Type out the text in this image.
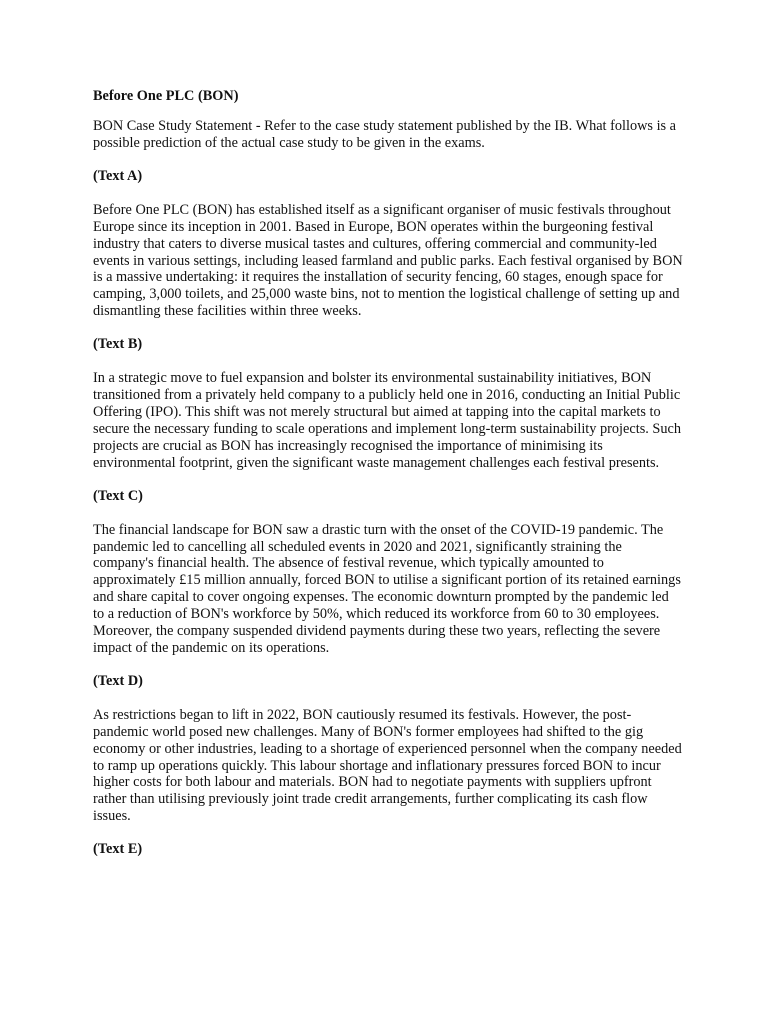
Before One PLC (BON)

BON Case Study Statement - Refer to the case study statement published by the IB. What follows is a possible prediction of the actual case study to be given in the exams.

(Text A)

Before One PLC (BON) has established itself as a significant organiser of music festivals throughout Europe since its inception in 2001. Based in Europe, BON operates within the burgeoning festival industry that caters to diverse musical tastes and cultures, offering commercial and community-led events in various settings, including leased farmland and public parks. Each festival organised by BON is a massive undertaking: it requires the installation of security fencing, 60 stages, enough space for camping, 3,000 toilets, and 25,000 waste bins, not to mention the logistical challenge of setting up and dismantling these facilities within three weeks.

(Text B)

In a strategic move to fuel expansion and bolster its environmental sustainability initiatives, BON transitioned from a privately held company to a publicly held one in 2016, conducting an Initial Public Offering (IPO). This shift was not merely structural but aimed at tapping into the capital markets to secure the necessary funding to scale operations and implement long-term sustainability projects. Such projects are crucial as BON has increasingly recognised the importance of minimising its environmental footprint, given the significant waste management challenges each festival presents.

(Text C)

The financial landscape for BON saw a drastic turn with the onset of the COVID-19 pandemic. The pandemic led to cancelling all scheduled events in 2020 and 2021, significantly straining the company's financial health. The absence of festival revenue, which typically amounted to approximately £15 million annually, forced BON to utilise a significant portion of its retained earnings and share capital to cover ongoing expenses. The economic downturn prompted by the pandemic led to a reduction of BON's workforce by 50%, which reduced its workforce from 60 to 30 employees. Moreover, the company suspended dividend payments during these two years, reflecting the severe impact of the pandemic on its operations.

(Text D)

As restrictions began to lift in 2022, BON cautiously resumed its festivals. However, the post-pandemic world posed new challenges. Many of BON's former employees had shifted to the gig economy or other industries, leading to a shortage of experienced personnel when the company needed to ramp up operations quickly. This labour shortage and inflationary pressures forced BON to incur higher costs for both labour and materials. BON had to negotiate payments with suppliers upfront rather than utilising previously joint trade credit arrangements, further complicating its cash flow issues.

(Text E)
